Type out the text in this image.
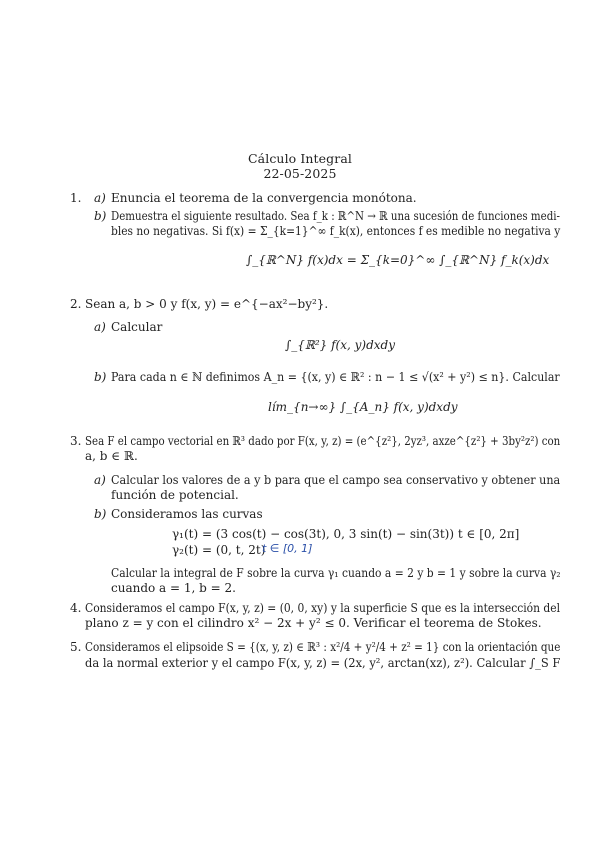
Cálculo Integral
22-05-2025
1. a) Enuncia el teorema de la convergencia monótona.
b) Demuestra el siguiente resultado. Sea f_k : ℝ^N → ℝ una sucesión de funciones medi-
bles no negativas. Si f(x) = Σ_{k=1}^∞ f_k(x), entonces f es medible no negativa y
∫_{ℝ^N} f(x)dx = Σ_{k=0}^∞ ∫_{ℝ^N} f_k(x)dx
2. Sean a, b > 0 y f(x, y) = e^{−ax²−by²}.
a) Calcular
∫_{ℝ²} f(x, y)dxdy
b) Para cada n ∈ ℕ definimos A_n = {(x, y) ∈ ℝ² : n − 1 ≤ √(x² + y²) ≤ n}. Calcular
lím_{n→∞} ∫_{A_n} f(x, y)dxdy
3. Sea F el campo vectorial en ℝ³ dado por F(x, y, z) = (e^{z²}, 2yz³, axze^{z²} + 3by²z²) con
a, b ∈ ℝ.
a) Calcular los valores de a y b para que el campo sea conservativo y obtener una
función de potencial.
b) Consideramos las curvas
γ₁(t) = (3 cos(t) − cos(3t), 0, 3 sin(t) − sin(3t)) t ∈ [0, 2π]
γ₂(t) = (0, t, 2t)
t ∈ [0, 1]
Calcular la integral de F sobre la curva γ₁ cuando a = 2 y b = 1 y sobre la curva γ₂
cuando a = 1, b = 2.
4. Consideramos el campo F(x, y, z) = (0, 0, xy) y la superficie S que es la intersección del
plano z = y con el cilindro x² − 2x + y² ≤ 0. Verificar el teorema de Stokes.
5. Consideramos el elipsoide S = {(x, y, z) ∈ ℝ³ : x²/4 + y²/4 + z² = 1} con la orientación que
da la normal exterior y el campo F(x, y, z) = (2x, y², arctan(xz), z²). Calcular ∫_S F
